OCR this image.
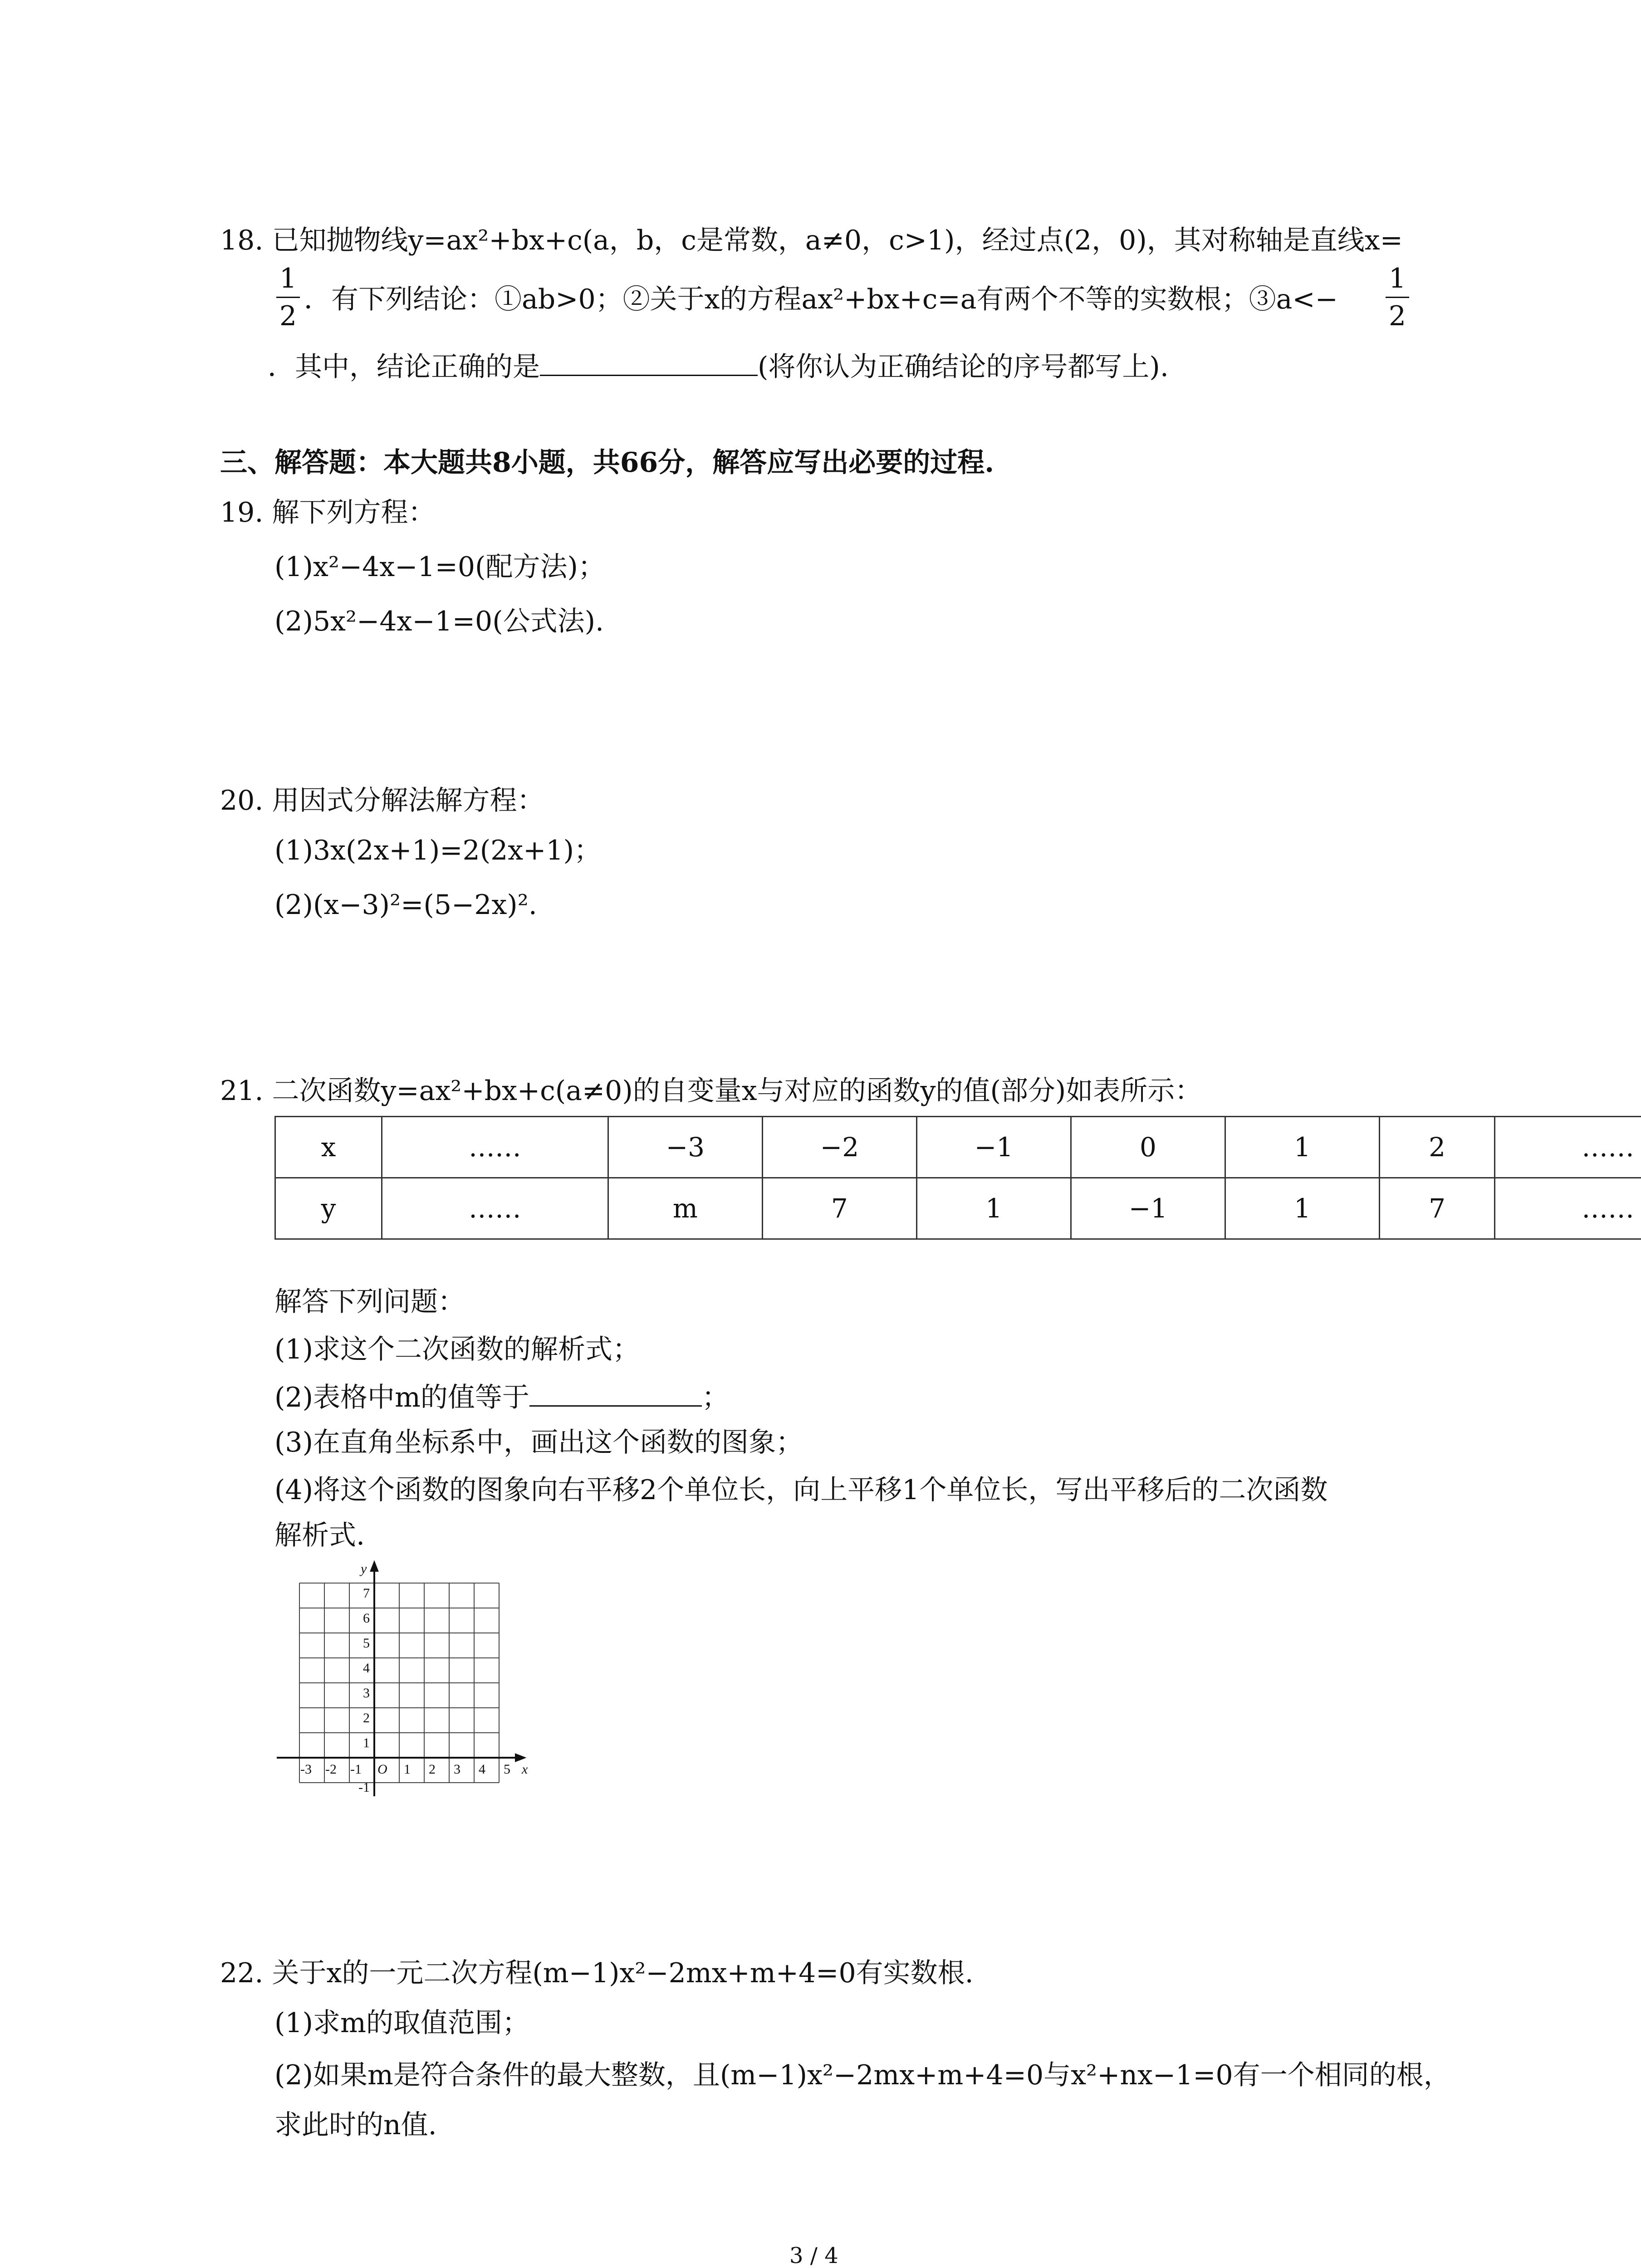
18. 已知抛物线y=ax²+bx+c(a，b，c是常数，a≠0，c>1)，经过点(2，0)，其对称轴是直线x=
1
2
．有下列结论：①ab>0；②关于x的方程ax²+bx+c=a有两个不等的实数根；③a<−
1
2
．其中，结论正确的是	(将你认为正确结论的序号都写上).
三、解答题：本大题共8小题，共66分，解答应写出必要的过程.
19. 解下列方程：
(1)x²−4x−1=0(配方法)；
(2)5x²−4x−1=0(公式法).
20. 用因式分解法解方程：
(1)3x(2x+1)=2(2x+1)；
(2)(x−3)²=(5−2x)².
21. 二次函数y=ax²+bx+c(a≠0)的自变量x与对应的函数y的值(部分)如表所示：
x	……	−3	−2	−1	0	1	2	……
y	……	m	7	1	−1	1	7	……
解答下列问题：
(1)求这个二次函数的解析式；
(2)表格中m的值等于	；
(3)在直角坐标系中，画出这个函数的图象；
(4)将这个函数的图象向右平移2个单位长，向上平移1个单位长，写出平移后的二次函数
解析式.
y
x
O
-3 -2 -1	1 2 3 4 5
7
6
5
4
3
2
1
-1
22. 关于x的一元二次方程(m−1)x²−2mx+m+4=0有实数根.
(1)求m的取值范围；
(2)如果m是符合条件的最大整数，且(m−1)x²−2mx+m+4=0与x²+nx−1=0有一个相同的根，
求此时的n值.
3 / 4
